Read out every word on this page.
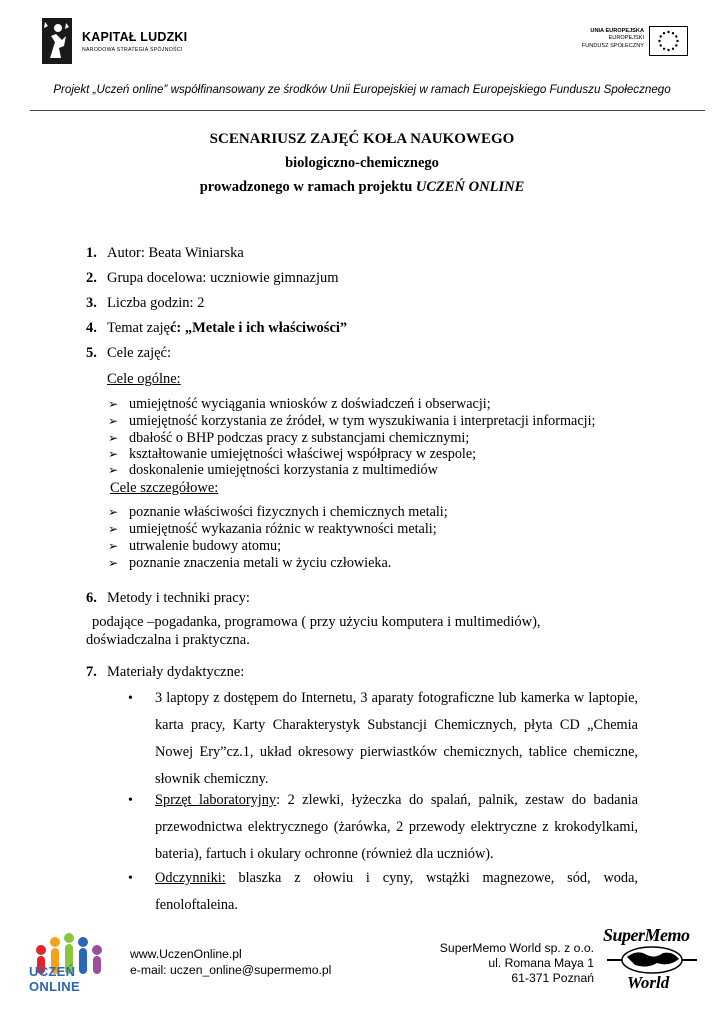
KAPITAŁ LUDZKI
NARODOWA STRATEGIA SPÓJNOŚCI
UNIA EUROPEJSKA
EUROPEJSKI
FUNDUSZ SPOŁECZNY
Projekt „Uczeń online” współfinansowany ze środków Unii Europejskiej w ramach Europejskiego Funduszu Społecznego
SCENARIUSZ ZAJĘĆ KOŁA NAUKOWEGO
biologiczno-chemicznego
prowadzonego w ramach projektu UCZEŃ ONLINE
1. Autor: Beata Winiarska
2. Grupa docelowa: uczniowie gimnazjum
3. Liczba godzin: 2
4. Temat zajęć: „Metale i ich właściwości”
5. Cele zajęć:
Cele ogólne:
➢ umiejętność wyciągania wniosków z doświadczeń i obserwacji;
➢ umiejętność korzystania ze źródeł, w tym wyszukiwania i interpretacji informacji;
➢ dbałość o BHP podczas pracy z substancjami chemicznymi;
➢ kształtowanie umiejętności właściwej współpracy w zespole;
➢ doskonalenie umiejętności korzystania z multimediów
Cele szczegółowe:
➢ poznanie właściwości fizycznych i chemicznych metali;
➢ umiejętność wykazania różnic w reaktywności metali;
➢ utrwalenie budowy atomu;
➢ poznanie znaczenia metali w życiu człowieka.
6. Metody i techniki pracy:
podające –pogadanka, programowa ( przy użyciu komputera i multimediów),
doświadczalna i praktyczna.
7. Materiały dydaktyczne:
• 3 laptopy z dostępem do Internetu, 3 aparaty fotograficzne lub kamerka w laptopie, karta pracy, Karty Charakterystyk Substancji Chemicznych, płyta CD „Chemia Nowej Ery”cz.1, układ okresowy pierwiastków chemicznych, tablice chemiczne, słownik chemiczny.
• Sprzęt laboratoryjny: 2 zlewki, łyżeczka do spalań, palnik, zestaw do badania przewodnictwa elektrycznego (żarówka, 2 przewody elektryczne z krokodylkami, bateria), fartuch i okulary ochronne (również dla uczniów).
• Odczynniki: blaszka z ołowiu i cyny, wstążki magnezowe, sód, woda, fenoloftaleina.
UCZEŃ ONLINE
www.UczenOnline.pl
e-mail: uczen_online@supermemo.pl
SuperMemo World sp. z o.o.
ul. Romana Maya 1
61-371 Poznań
SuperMemo
World
